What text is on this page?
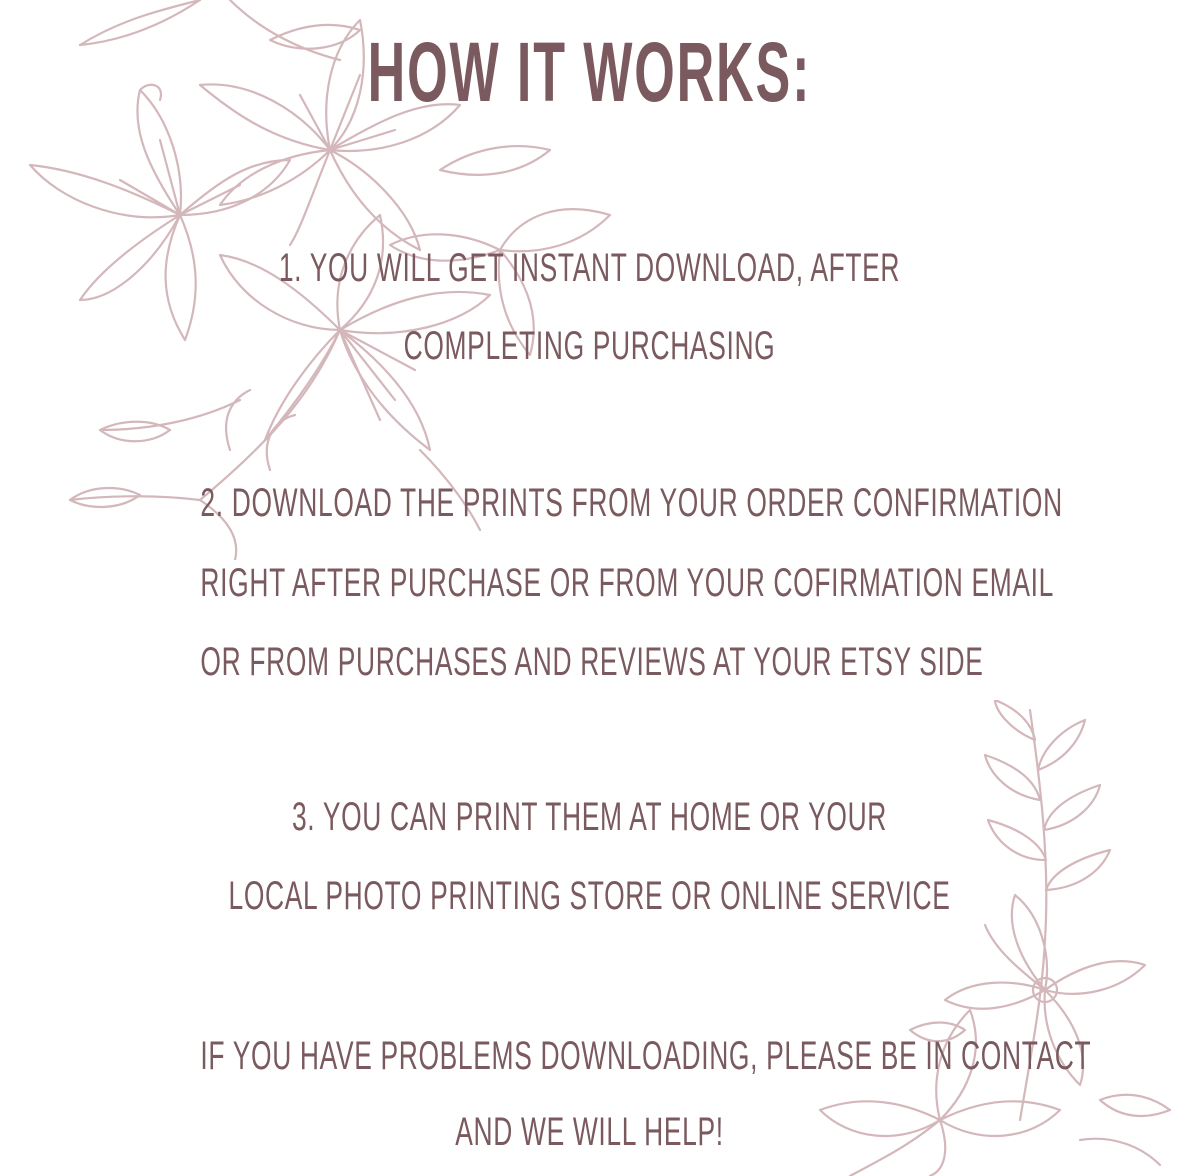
HOW IT WORKS:

1. YOU WILL GET INSTANT DOWNLOAD, AFTER

COMPLETING PURCHASING

2. DOWNLOAD THE PRINTS FROM YOUR ORDER CONFIRMATION

RIGHT AFTER PURCHASE OR FROM YOUR COFIRMATION EMAIL

OR FROM PURCHASES AND REVIEWS AT YOUR ETSY SIDE

3. YOU CAN PRINT THEM AT HOME OR YOUR

LOCAL PHOTO PRINTING STORE OR ONLINE SERVICE

IF YOU HAVE PROBLEMS DOWNLOADING, PLEASE BE IN CONTACT

AND WE WILL HELP!
